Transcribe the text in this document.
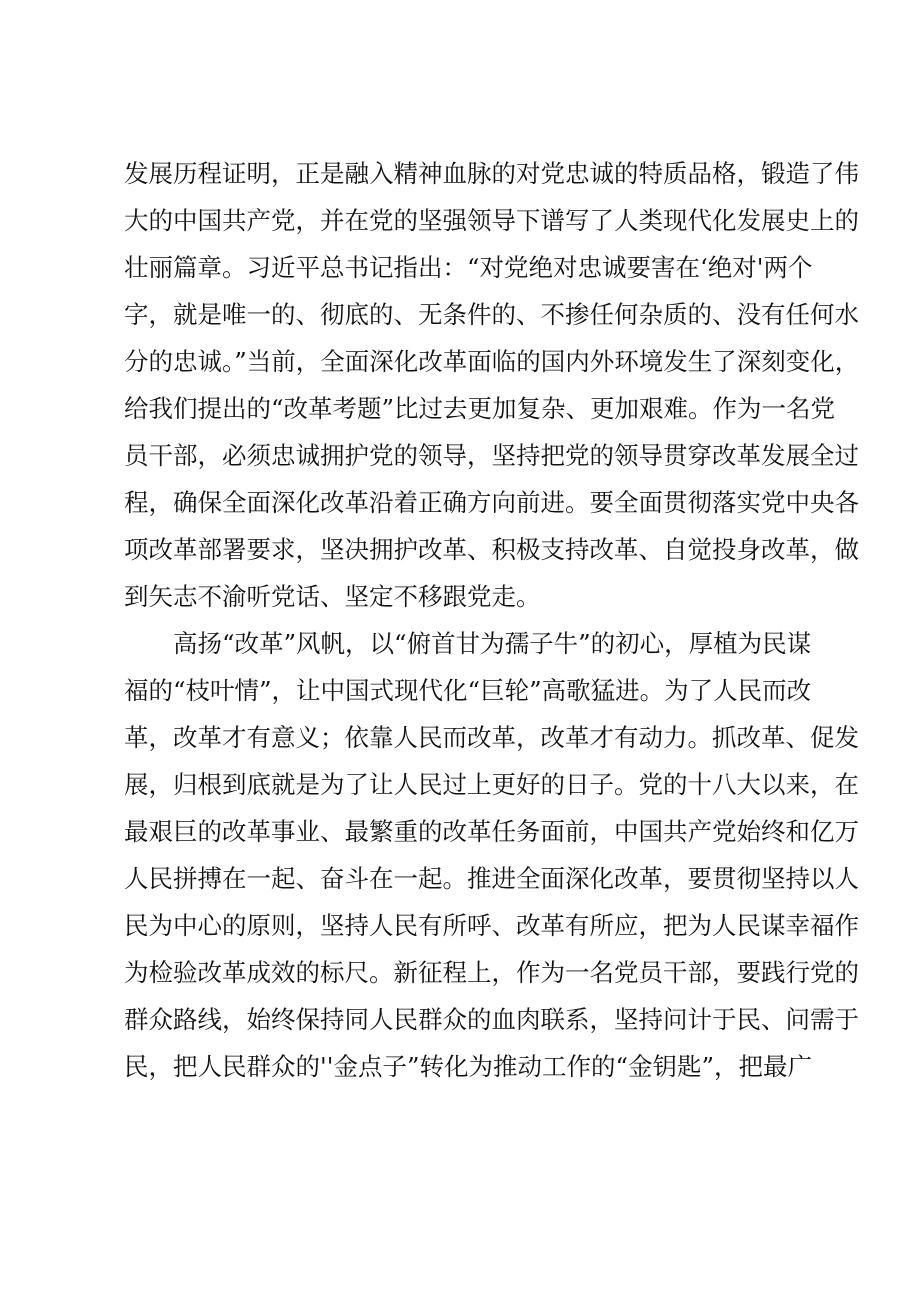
发展历程证明，正是融入精神血脉的对党忠诚的特质品格，锻造了伟
大的中国共产党，并在党的坚强领导下谱写了人类现代化发展史上的
壮丽篇章。习近平总书记指出：“对党绝对忠诚要害在‘绝对'两个
字，就是唯一的、彻底的、无条件的、不掺任何杂质的、没有任何水
分的忠诚。”当前，全面深化改革面临的国内外环境发生了深刻变化，
给我们提出的“改革考题”比过去更加复杂、更加艰难。作为一名党
员干部，必须忠诚拥护党的领导，坚持把党的领导贯穿改革发展全过
程，确保全面深化改革沿着正确方向前进。要全面贯彻落实党中央各
项改革部署要求，坚决拥护改革、积极支持改革、自觉投身改革，做
到矢志不渝听党话、坚定不移跟党走。
高扬“改革”风帆，以“俯首甘为孺子牛”的初心，厚植为民谋
福的“枝叶情”，让中国式现代化“巨轮”高歌猛进。为了人民而改
革，改革才有意义；依靠人民而改革，改革才有动力。抓改革、促发
展，归根到底就是为了让人民过上更好的日子。党的十八大以来，在
最艰巨的改革事业、最繁重的改革任务面前，中国共产党始终和亿万
人民拼搏在一起、奋斗在一起。推进全面深化改革，要贯彻坚持以人
民为中心的原则，坚持人民有所呼、改革有所应，把为人民谋幸福作
为检验改革成效的标尺。新征程上，作为一名党员干部，要践行党的
群众路线，始终保持同人民群众的血肉联系，坚持问计于民、问需于
民，把人民群众的''金点子”转化为推动工作的“金钥匙”，把最广
